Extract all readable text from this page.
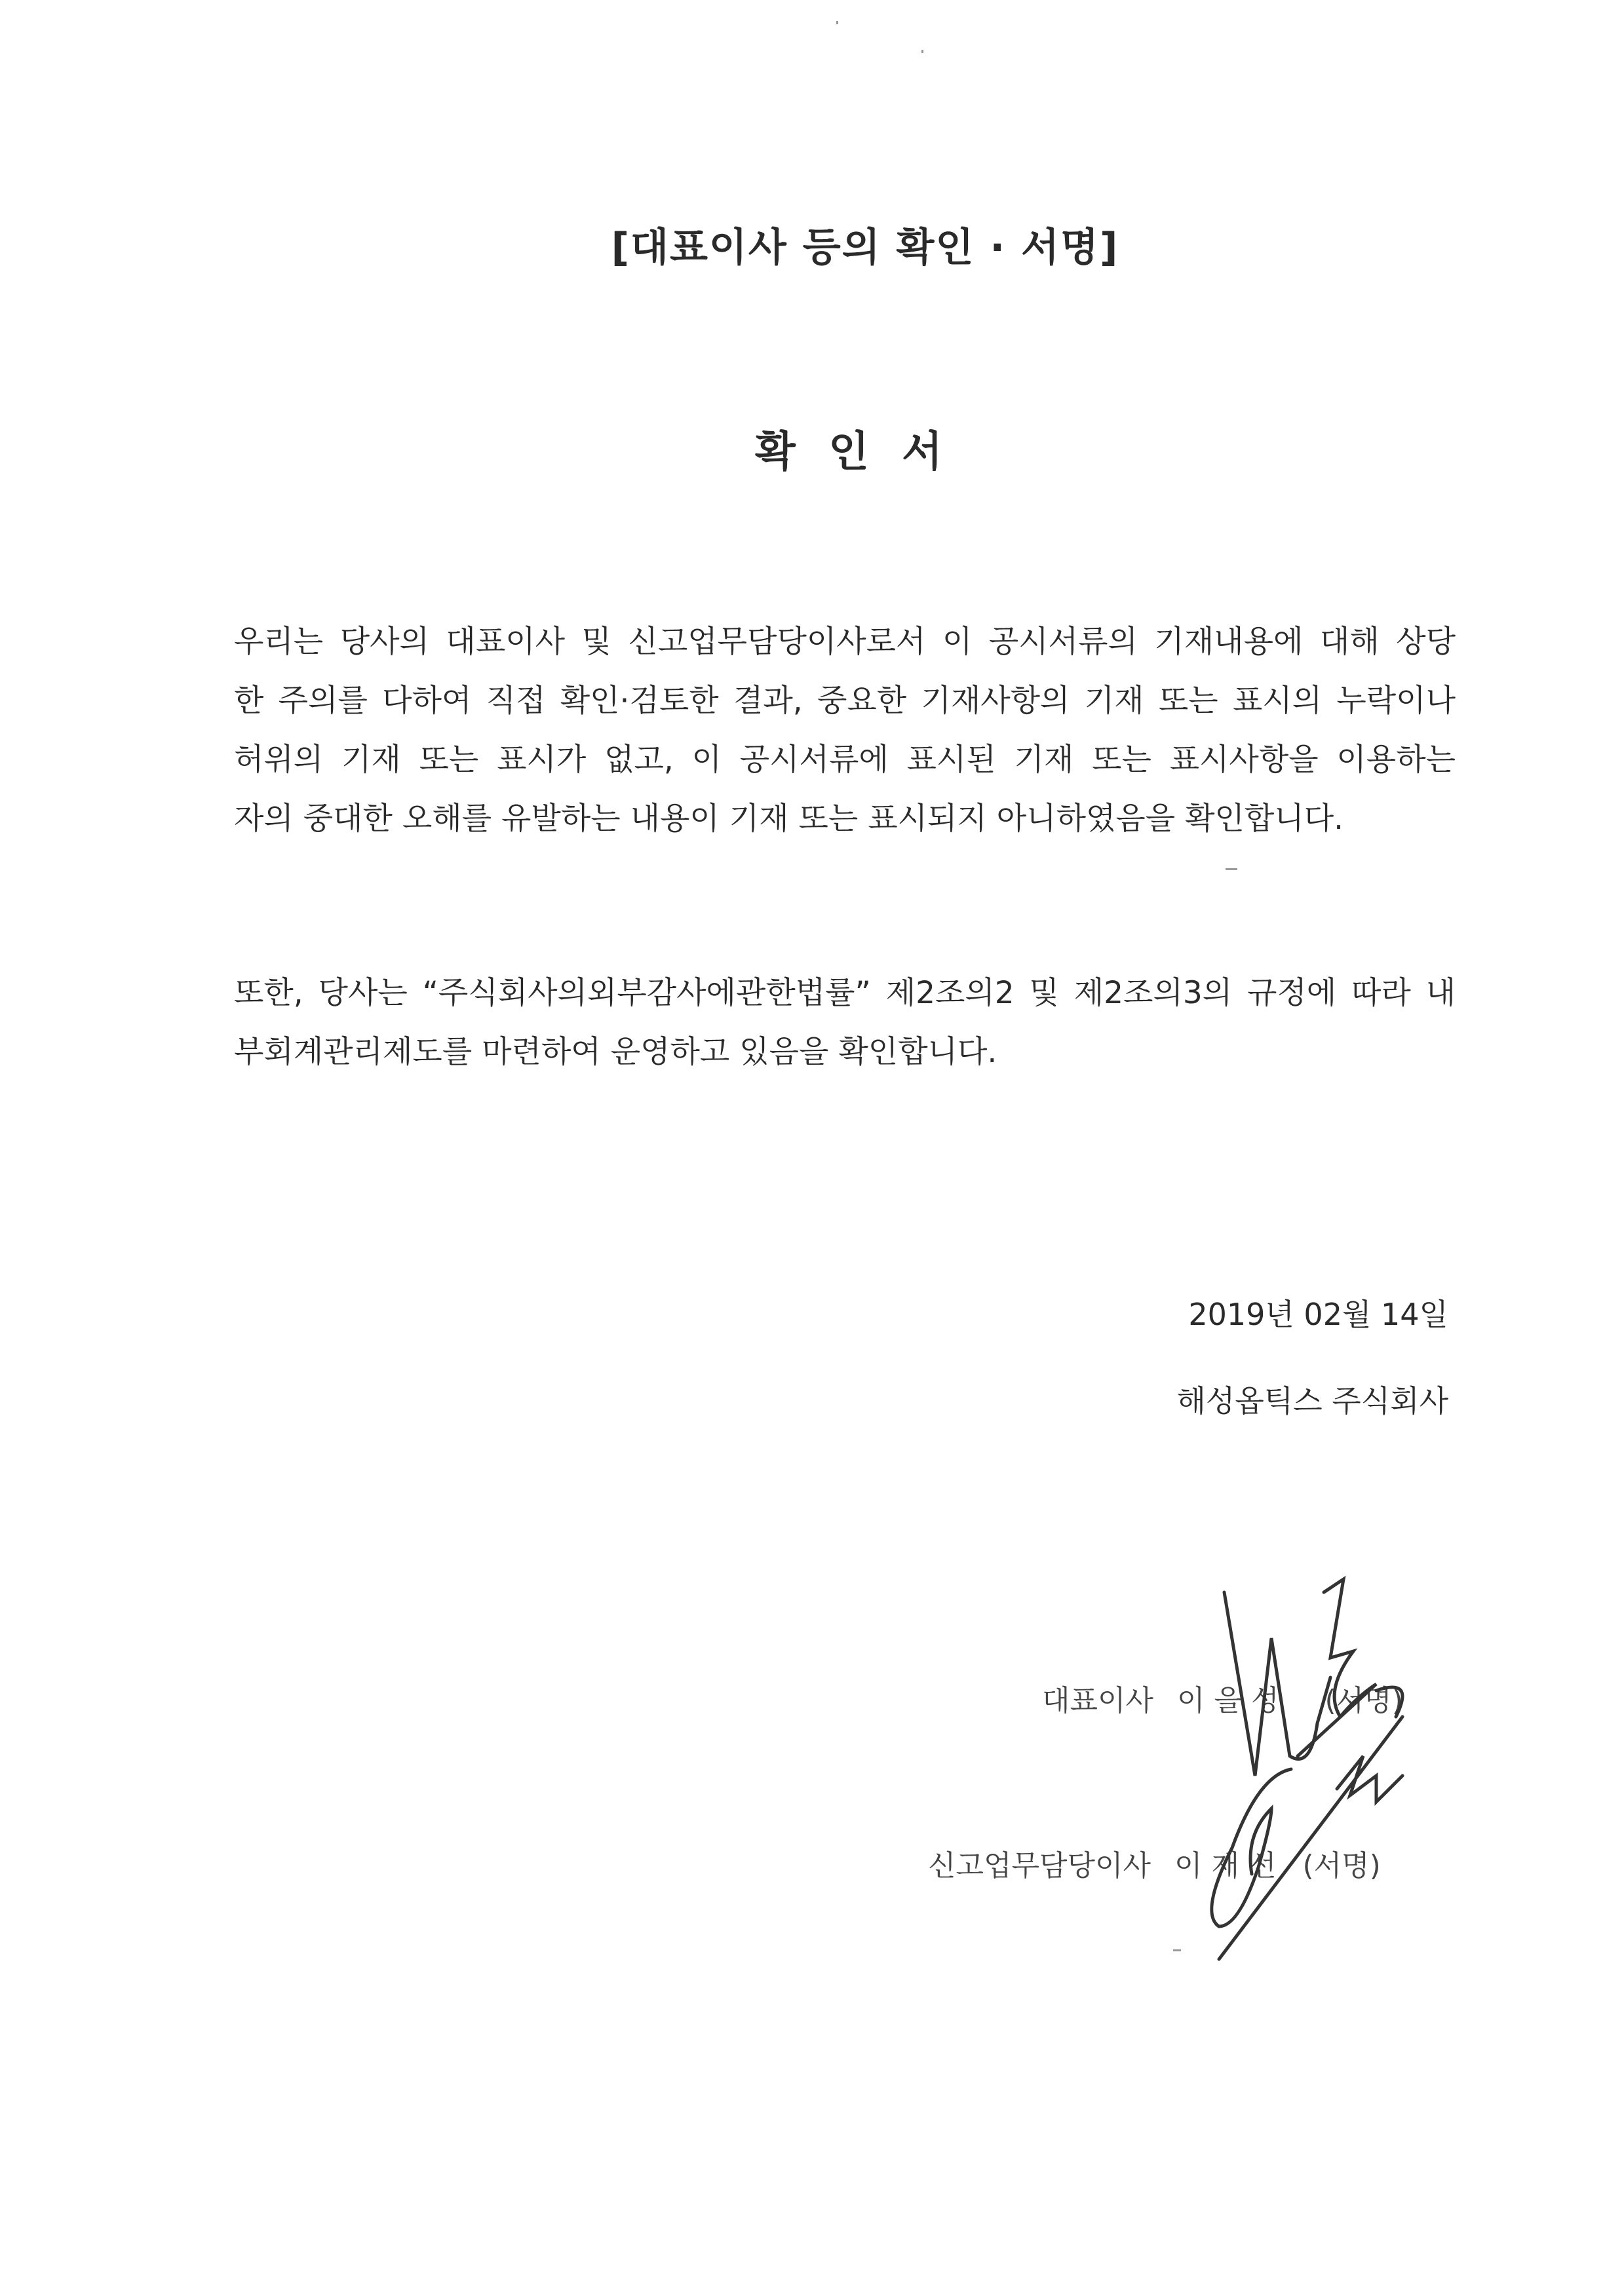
[대표이사 등의 확인 · 서명]
확 인 서
우리는 당사의 대표이사 및 신고업무담당이사로서 이 공시서류의 기재내용에 대해 상당
한 주의를 다하여 직접 확인·검토한 결과, 중요한 기재사항의 기재 또는 표시의 누락이나
허위의 기재 또는 표시가 없고, 이 공시서류에 표시된 기재 또는 표시사항을 이용하는
자의 중대한 오해를 유발하는 내용이 기재 또는 표시되지 아니하였음을 확인합니다.
또한, 당사는 “주식회사의외부감사에관한법률” 제2조의2 및 제2조의3의 규정에 따라 내
부회계관리제도를 마련하여 운영하고 있음을 확인합니다.
2019년 02월 14일
해성옵틱스 주식회사

대표이사 이 을 성 (서명)

신고업무담당이사 이 재 선 (서명)
